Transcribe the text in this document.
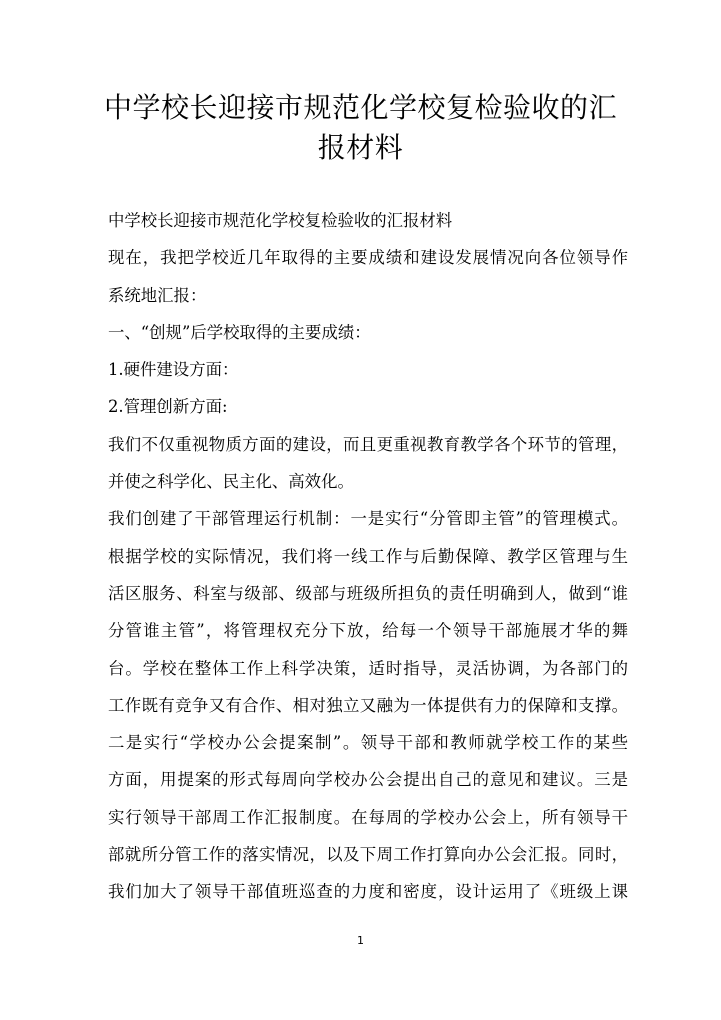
中学校长迎接市规范化学校复检验收的汇
报材料
中学校长迎接市规范化学校复检验收的汇报材料
现在，我把学校近几年取得的主要成绩和建设发展情况向各位领导作
系统地汇报：
一、“创规”后学校取得的主要成绩：
1.硬件建设方面：
2.管理创新方面:
我们不仅重视物质方面的建设，而且更重视教育教学各个环节的管理，
并使之科学化、民主化、高效化。
我们创建了干部管理运行机制：一是实行“分管即主管”的管理模式。
根据学校的实际情况，我们将一线工作与后勤保障、教学区管理与生
活区服务、科室与级部、级部与班级所担负的责任明确到人，做到“谁
分管谁主管”，将管理权充分下放，给每一个领导干部施展才华的舞
台。学校在整体工作上科学决策，适时指导，灵活协调，为各部门的
工作既有竞争又有合作、相对独立又融为一体提供有力的保障和支撑。
二是实行“学校办公会提案制”。领导干部和教师就学校工作的某些
方面，用提案的形式每周向学校办公会提出自己的意见和建议。三是
实行领导干部周工作汇报制度。在每周的学校办公会上，所有领导干
部就所分管工作的落实情况，以及下周工作打算向办公会汇报。同时，
我们加大了领导干部值班巡查的力度和密度，设计运用了《班级上课
1
